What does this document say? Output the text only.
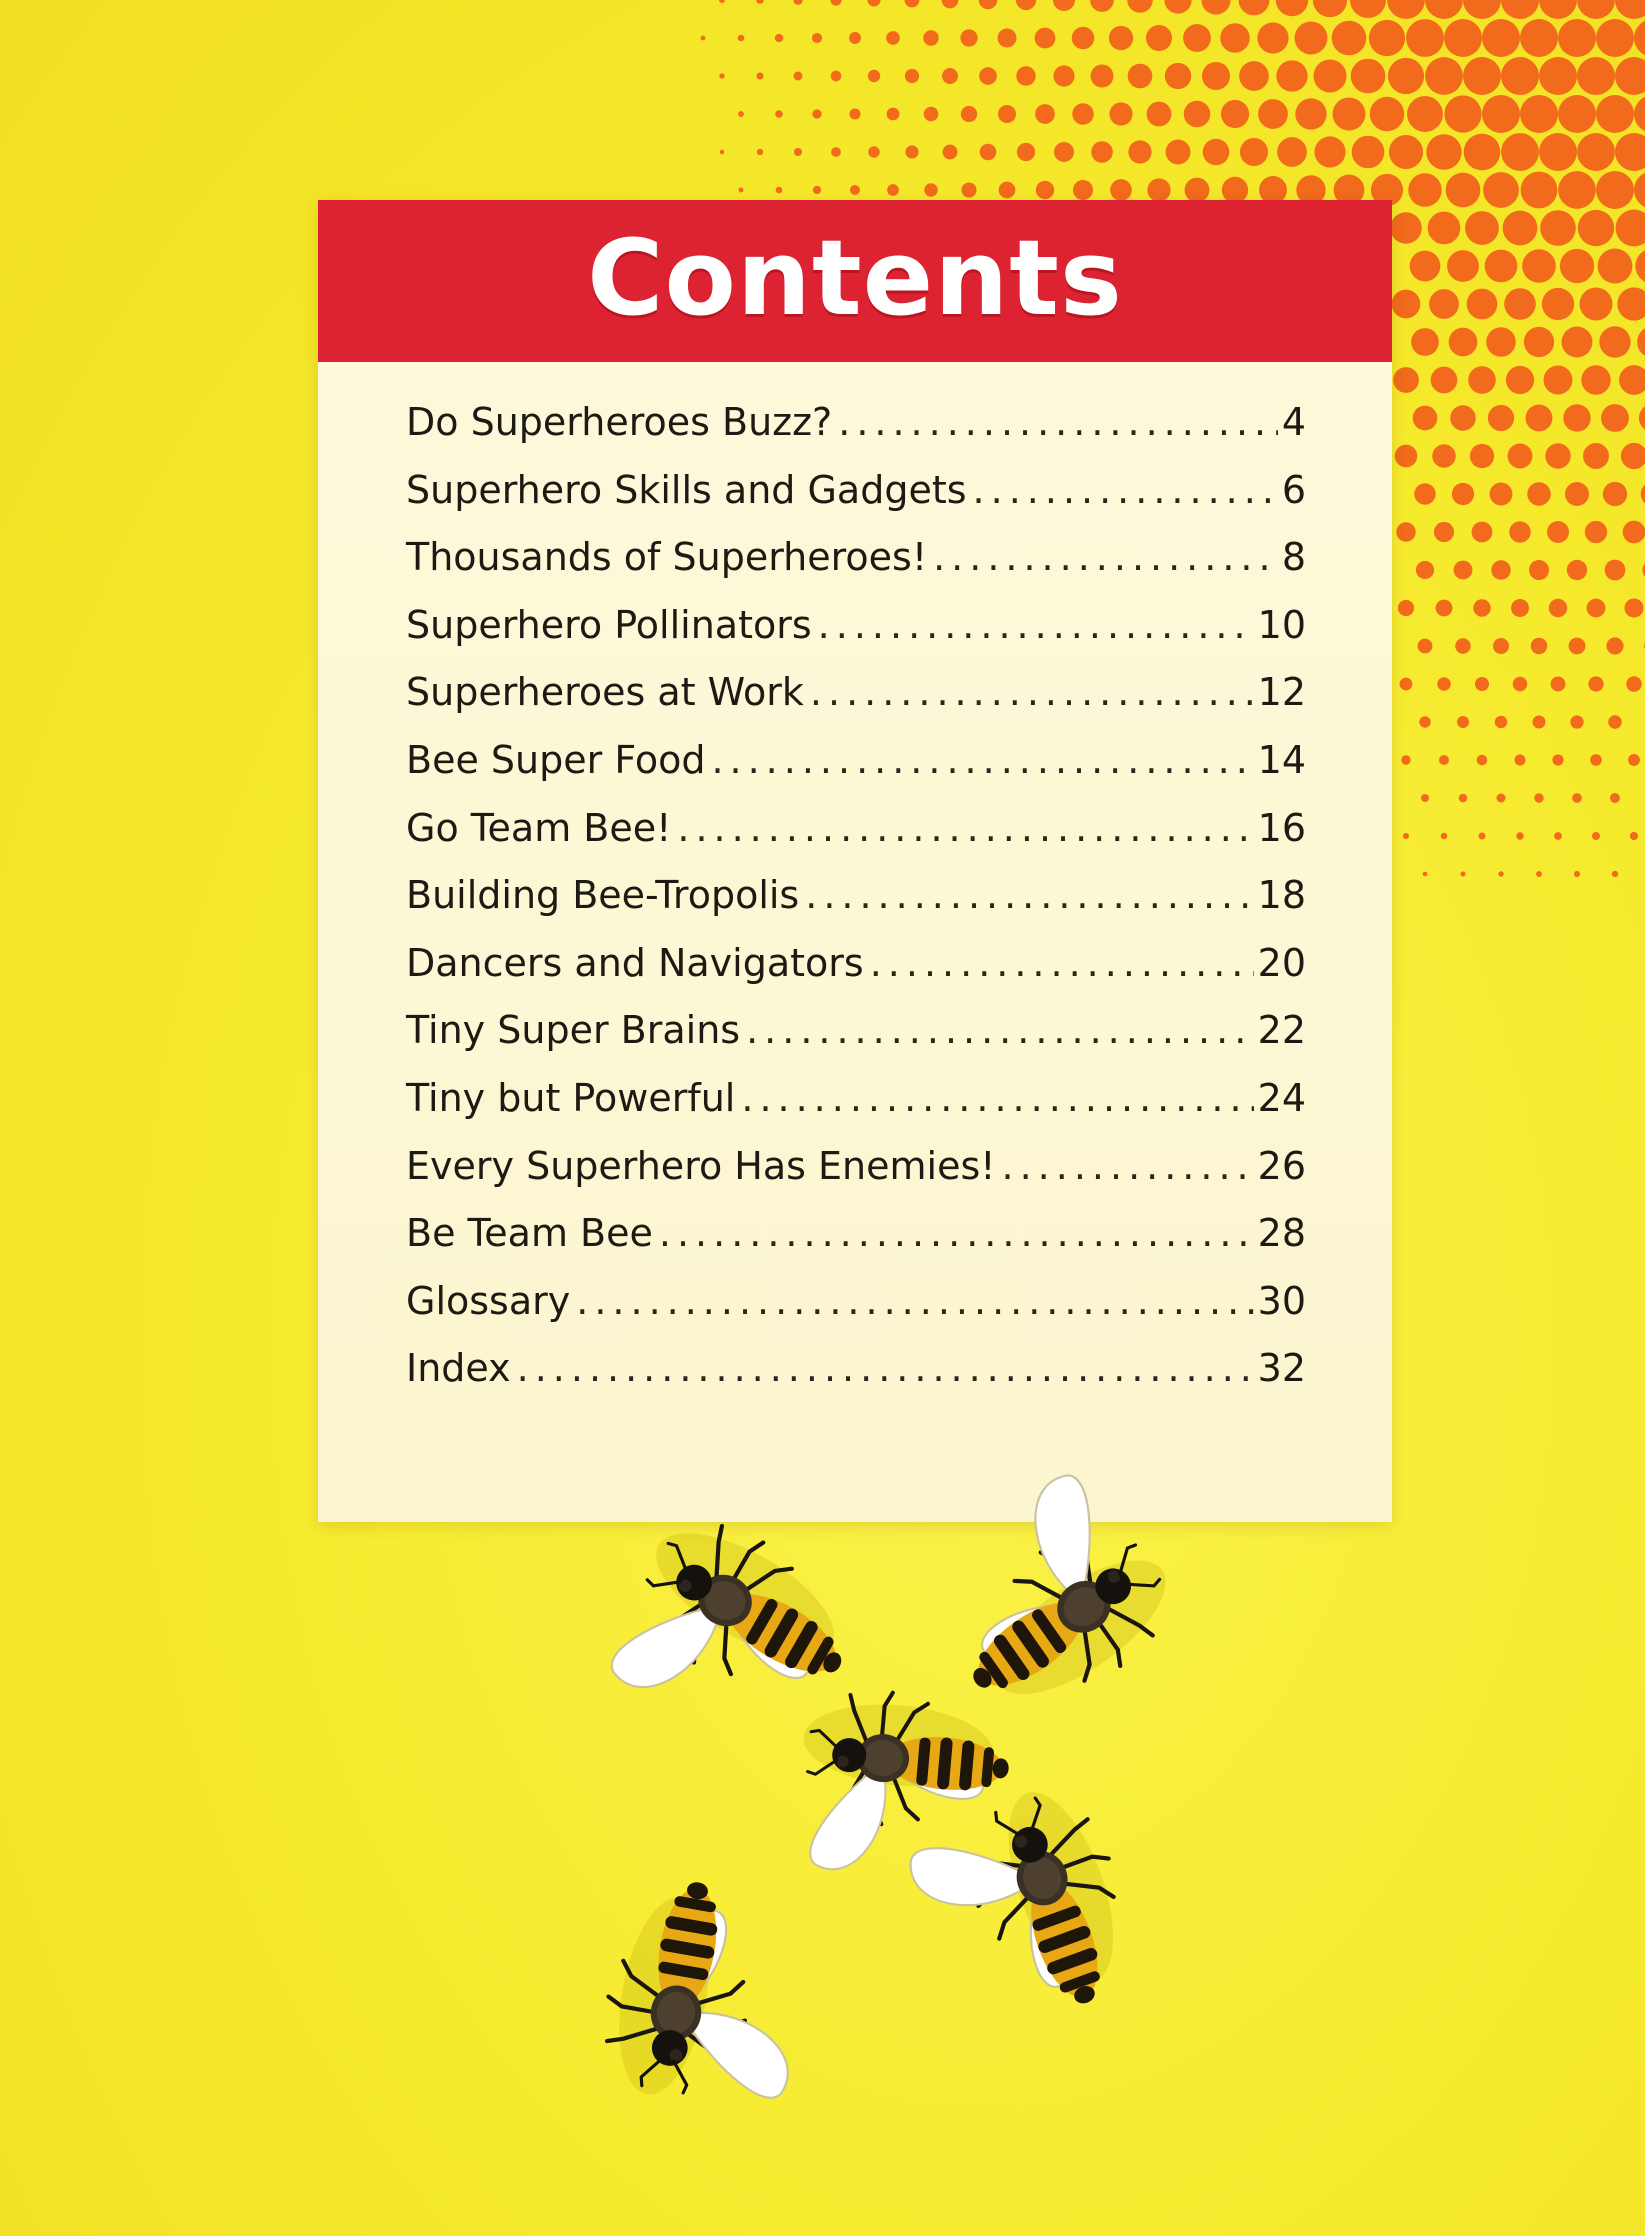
Contents
Do Superheroes Buzz? .....	4
Superhero Skills and Gadgets .....	6
Thousands of Superheroes! .....	8
Superhero Pollinators .....	10
Superheroes at Work .....	12
Bee Super Food .....	14
Go Team Bee! .....	16
Building Bee-Tropolis .....	18
Dancers and Navigators .....	20
Tiny Super Brains .....	22
Tiny but Powerful .....	24
Every Superhero Has Enemies! .....	26
Be Team Bee .....	28
Glossary .....	30
Index .....	32
